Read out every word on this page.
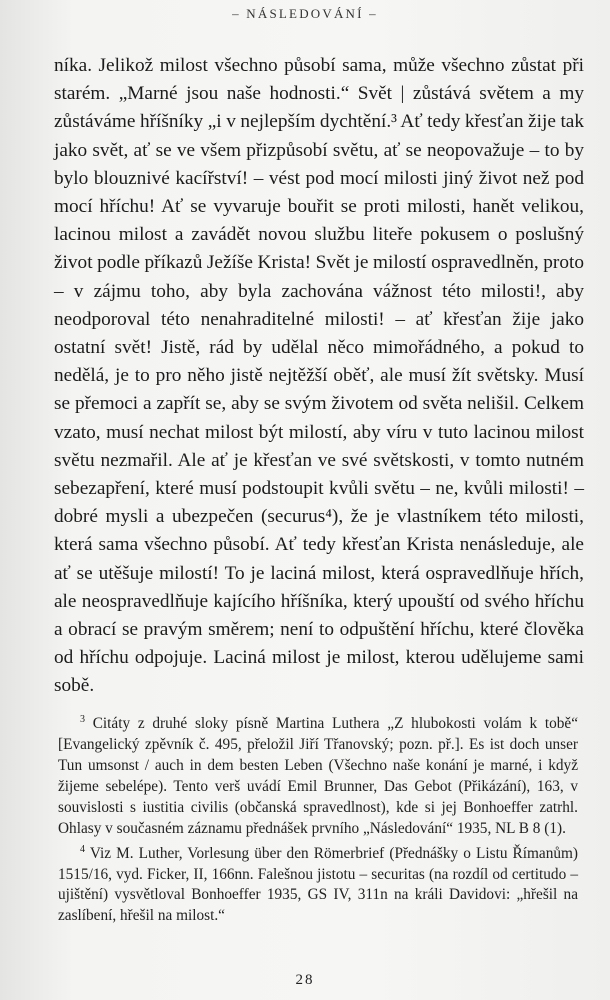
– NÁSLEDOVÁNÍ –

níka. Jelikož milost všechno působí sama, může všechno zůstat při starém. „Marné jsou naše hodnosti.“ Svět | zůstává světem a my zůstáváme hříšníky „i v nejlepším dychtění.³ Ať tedy křesťan žije tak jako svět, ať se ve všem přizpůsobí světu, ať se neopovažuje – to by bylo blouznivé kacířství! – vést pod mocí milosti jiný život než pod mocí hříchu! Ať se vyvaruje bouřit se proti milosti, hanět velikou, lacinou milost a zavádět novou službu liteře pokusem o poslušný život podle příkazů Ježíše Krista! Svět je milostí ospravedlněn, proto – v zájmu toho, aby byla zachována vážnost této milosti!, aby neodporoval této nenahraditelné milosti! – ať křesťan žije jako ostatní svět! Jistě, rád by udělal něco mimořádného, a pokud to nedělá, je to pro něho jistě nejtěžší oběť, ale musí žít světsky. Musí se přemoci a zapřít se, aby se svým životem od světa nelišil. Celkem vzato, musí nechat milost být milostí, aby víru v tuto lacinou milost světu nezmařil. Ale ať je křesťan ve své světskosti, v tomto nutném sebezapření, které musí podstoupit kvůli světu – ne, kvůli milosti! – dobré mysli a ubezpečen (securus⁴), že je vlastníkem této milosti, která sama všechno působí. Ať tedy křesťan Krista nenásleduje, ale ať se utěšuje milostí! To je laciná milost, která ospravedlňuje hřích, ale neospravedlňuje kajícího hříšníka, který upouští od svého hříchu a obrací se pravým směrem; není to odpuštění hříchu, které člověka od hříchu odpojuje. Laciná milost je milost, kterou udělujeme sami sobě.

$^3$ Citáty z druhé sloky písně Martina Luthera „Z hlubokosti volám k tobě“ [Evangelický zpěvník č. 495, přeložil Jiří Třanovský; pozn. př.]. Es ist doch unser Tun umsonst / auch in dem besten Leben (Všechno naše konání je marné, i když žijeme sebelépe). Tento verš uvádí Emil Brunner, Das Gebot (Přikázání), 163, v souvislosti s iustitia civilis (občanská spravedlnost), kde si jej Bonhoeffer zatrhl. Ohlasy v současném záznamu přednášek prvního „Následování“ 1935, NL B 8 (1).

$^4$ Viz M. Luther, Vorlesung über den Römerbrief (Přednášky o Listu Římanům) 1515/16, vyd. Ficker, II, 166nn. Falešnou jistotu – securitas (na rozdíl od certitudo – ujištění) vysvětloval Bonhoeffer 1935, GS IV, 311n na králi Davidovi: „hřešil na zaslíbení, hřešil na milost.“

28
